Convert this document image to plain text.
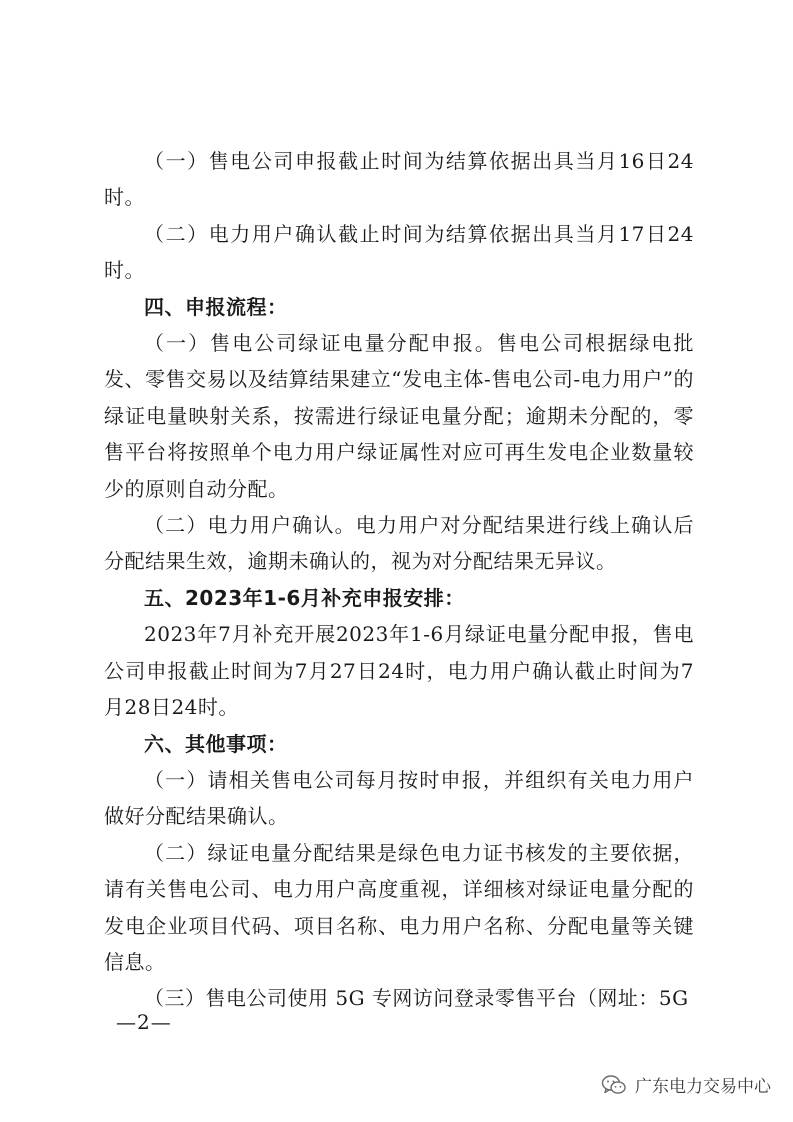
（一）售电公司申报截止时间为结算依据出具当月16日24时。

（二）电力用户确认截止时间为结算依据出具当月17日24时。

四、申报流程：

（一）售电公司绿证电量分配申报。售电公司根据绿电批发、零售交易以及结算结果建立“发电主体-售电公司-电力用户”的绿证电量映射关系，按需进行绿证电量分配；逾期未分配的，零售平台将按照单个电力用户绿证属性对应可再生发电企业数量较少的原则自动分配。

（二）电力用户确认。电力用户对分配结果进行线上确认后分配结果生效，逾期未确认的，视为对分配结果无异议。

五、2023年1-6月补充申报安排：

2023年7月补充开展2023年1-6月绿证电量分配申报，售电公司申报截止时间为7月27日24时，电力用户确认截止时间为7月28日24时。

六、其他事项：

（一）请相关售电公司每月按时申报，并组织有关电力用户做好分配结果确认。

（二）绿证电量分配结果是绿色电力证书核发的主要依据，请有关售电公司、电力用户高度重视，详细核对绿证电量分配的发电企业项目代码、项目名称、电力用户名称、分配电量等关键信息。

（三）售电公司使用 5G 专网访问登录零售平台（网址：5G

—2—
广东电力交易中心
